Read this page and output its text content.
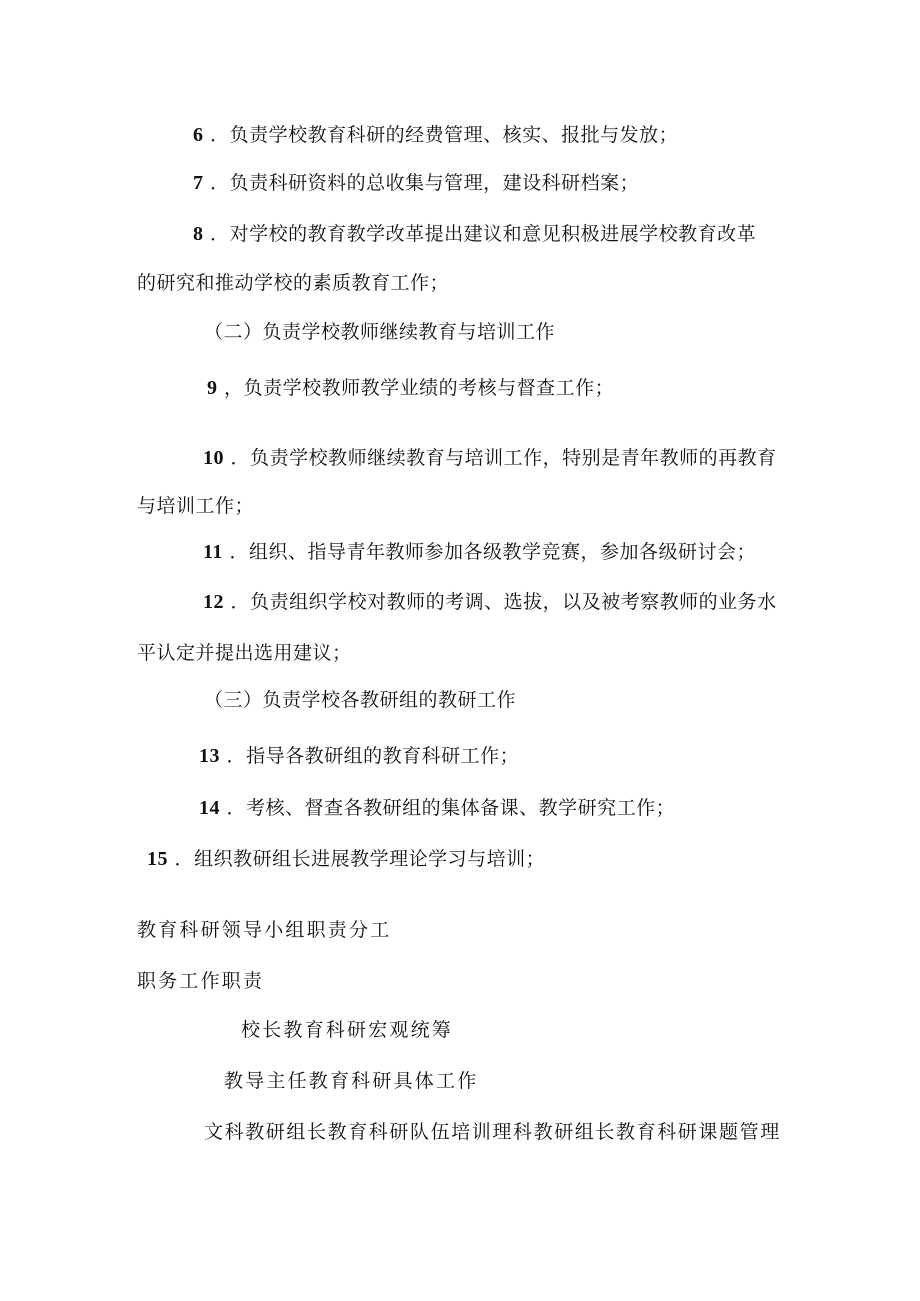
6 ．负责学校教育科研的经费管理、核实、报批与发放；
7 ．负责科研资料的总收集与管理，建设科研档案；
8 ．对学校的教育教学改革提出建议和意见积极进展学校教育改革
的研究和推动学校的素质教育工作；
（二）负责学校教师继续教育与培训工作
9 ，负责学校教师教学业绩的考核与督查工作；
10 ．负责学校教师继续教育与培训工作，特别是青年教师的再教育
与培训工作；
11 ．组织、指导青年教师参加各级教学竞赛，参加各级研讨会；
12 ．负责组织学校对教师的考调、选拔，以及被考察教师的业务水
平认定并提出选用建议；
（三）负责学校各教研组的教研工作
13 ．指导各教研组的教育科研工作；
14 ．考核、督查各教研组的集体备课、教学研究工作；
15 ．组织教研组长进展教学理论学习与培训；
教育科研领导小组职责分工
职务工作职责
校长教育科研宏观统筹
教导主任教育科研具体工作
文科教研组长教育科研队伍培训理科教研组长教育科研课题管理
